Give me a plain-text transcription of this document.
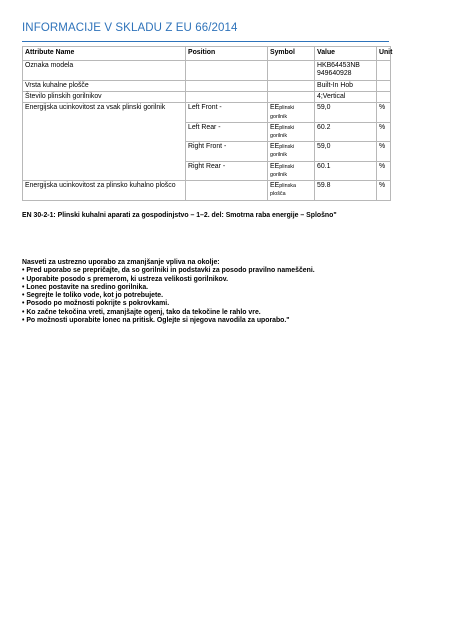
INFORMACIJE V SKLADU Z EU 66/2014
Attribute Name	Position	Symbol	Value	Unit
Oznaka modela			HKB64453NB
949640928	
Vrsta kuhalne plošče			Built-In Hob	
Število plinskih gorilnikov			4;Vertical	
Energijska ucinkovitost za vsak plinski gorilnik	Left Front -	EEplinski gorilnik	59,0	%
	Left Rear -	EEplinski gorilnik	60.2	%
	Right Front -	EEplinski gorilnik	59,0	%
	Right Rear -	EEplinski gorilnik	60.1	%
Energijska ucinkovitost za plinsko kuhalno plošco		EEplinska plošča	59.8	%
EN 30-2-1: Plinski kuhalni aparati za gospodinjstvo – 1–2. del: Smotrna raba energije – Splošno"
Nasveti za ustrezno uporabo za zmanjšanje vpliva na okolje:
• Pred uporabo se prepričajte, da so gorilniki in podstavki za posodo pravilno nameščeni.
• Uporabite posodo s premerom, ki ustreza velikosti gorilnikov.
• Lonec postavite na sredino gorilnika.
• Segrejte le toliko vode, kot jo potrebujete.
• Posodo po možnosti pokrijte s pokrovkami.
• Ko začne tekočina vreti, zmanjšajte ogenj, tako da tekočine le rahlo vre.
• Po možnosti uporabite lonec na pritisk. Oglejte si njegova navodila za uporabo."
